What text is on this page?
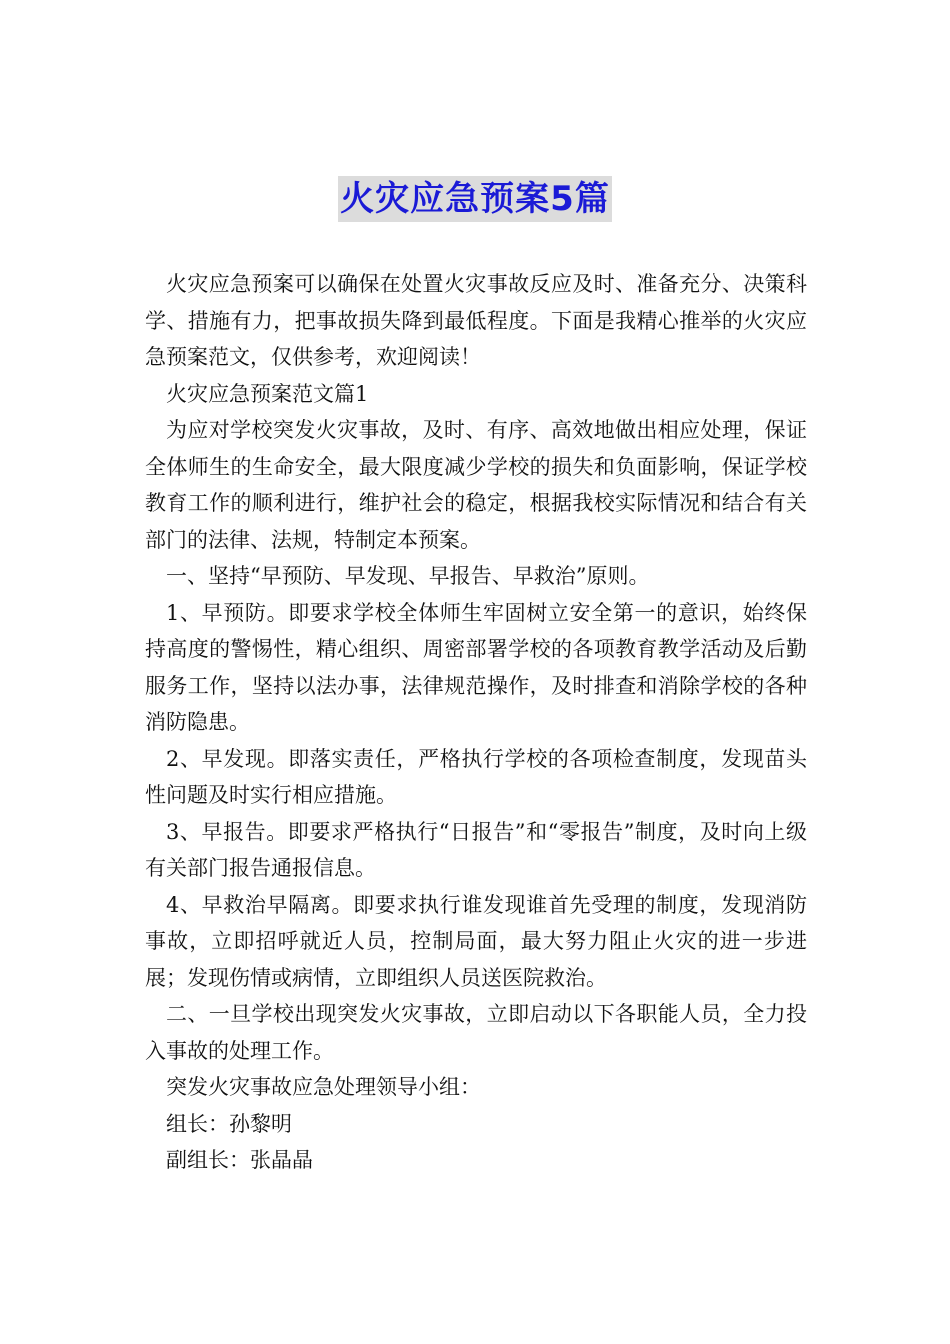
火灾应急预案5篇

火灾应急预案可以确保在处置火灾事故反应及时、准备充分、决策科学、措施有力，把事故损失降到最低程度。下面是我精心推举的火灾应急预案范文，仅供参考，欢迎阅读！

火灾应急预案范文篇1

为应对学校突发火灾事故，及时、有序、高效地做出相应处理，保证全体师生的生命安全，最大限度减少学校的损失和负面影响，保证学校教育工作的顺利进行，维护社会的稳定，根据我校实际情况和结合有关部门的法律、法规，特制定本预案。

一、坚持“早预防、早发现、早报告、早救治”原则。

1、早预防。即要求学校全体师生牢固树立安全第一的意识，始终保持高度的警惕性，精心组织、周密部署学校的各项教育教学活动及后勤服务工作，坚持以法办事，法律规范操作，及时排查和消除学校的各种消防隐患。

2、早发现。即落实责任，严格执行学校的各项检查制度，发现苗头性问题及时实行相应措施。

3、早报告。即要求严格执行“日报告”和“零报告”制度，及时向上级有关部门报告通报信息。

4、早救治早隔离。即要求执行谁发现谁首先受理的制度，发现消防事故，立即招呼就近人员，控制局面，最大努力阻止火灾的进一步进展；发现伤情或病情，立即组织人员送医院救治。

二、一旦学校出现突发火灾事故，立即启动以下各职能人员，全力投入事故的处理工作。

突发火灾事故应急处理领导小组：

组长：孙黎明

副组长：张晶晶
